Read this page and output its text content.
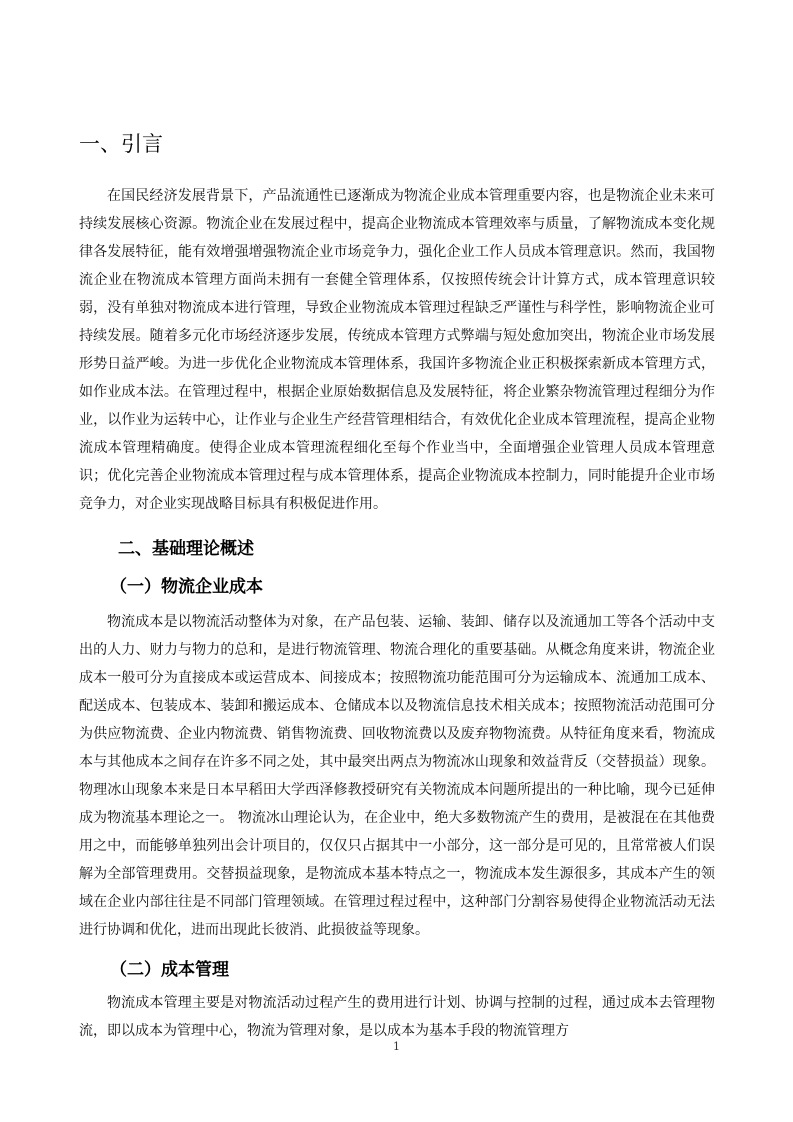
一、引言

在国民经济发展背景下，产品流通性已逐渐成为物流企业成本管理重要内容，也是物流企业未来可持续发展核心资源。物流企业在发展过程中，提高企业物流成本管理效率与质量，了解物流成本变化规律各发展特征，能有效增强增强物流企业市场竞争力，强化企业工作人员成本管理意识。然而，我国物流企业在物流成本管理方面尚未拥有一套健全管理体系，仅按照传统会计计算方式，成本管理意识较弱，没有单独对物流成本进行管理，导致企业物流成本管理过程缺乏严谨性与科学性，影响物流企业可持续发展。随着多元化市场经济逐步发展，传统成本管理方式弊端与短处愈加突出，物流企业市场发展形势日益严峻。为进一步优化企业物流成本管理体系，我国许多物流企业正积极探索新成本管理方式，如作业成本法。在管理过程中，根据企业原始数据信息及发展特征，将企业繁杂物流管理过程细分为作业，以作业为运转中心，让作业与企业生产经营管理相结合，有效优化企业成本管理流程，提高企业物流成本管理精确度。使得企业成本管理流程细化至每个作业当中，全面增强企业管理人员成本管理意识；优化完善企业物流成本管理过程与成本管理体系，提高企业物流成本控制力，同时能提升企业市场竞争力，对企业实现战略目标具有积极促进作用。

二、基础理论概述
（一）物流企业成本

物流成本是以物流活动整体为对象，在产品包装、运输、装卸、储存以及流通加工等各个活动中支出的人力、财力与物力的总和，是进行物流管理、物流合理化的重要基础。从概念角度来讲，物流企业成本一般可分为直接成本或运营成本、间接成本；按照物流功能范围可分为运输成本、流通加工成本、配送成本、包装成本、装卸和搬运成本、仓储成本以及物流信息技术相关成本；按照物流活动范围可分为供应物流费、企业内物流费、销售物流费、回收物流费以及废弃物物流费。从特征角度来看，物流成本与其他成本之间存在许多不同之处，其中最突出两点为物流冰山现象和效益背反（交替损益）现象。物理冰山现象本来是日本早稻田大学西泽修教授研究有关物流成本问题所提出的一种比喻，现今已延伸成为物流基本理论之一。 物流冰山理论认为，在企业中，绝大多数物流产生的费用，是被混在在其他费用之中，而能够单独列出会计项目的，仅仅只占据其中一小部分，这一部分是可见的，且常常被人们误解为全部管理费用。交替损益现象，是物流成本基本特点之一，物流成本发生源很多，其成本产生的领域在企业内部往往是不同部门管理领域。在管理过程过程中，这种部门分割容易使得企业物流活动无法进行协调和优化，进而出现此长彼消、此损彼益等现象。

（二）成本管理

物流成本管理主要是对物流活动过程产生的费用进行计划、协调与控制的过程，通过成本去管理物流，即以成本为管理中心，物流为管理对象，是以成本为基本手段的物流管理方

1
